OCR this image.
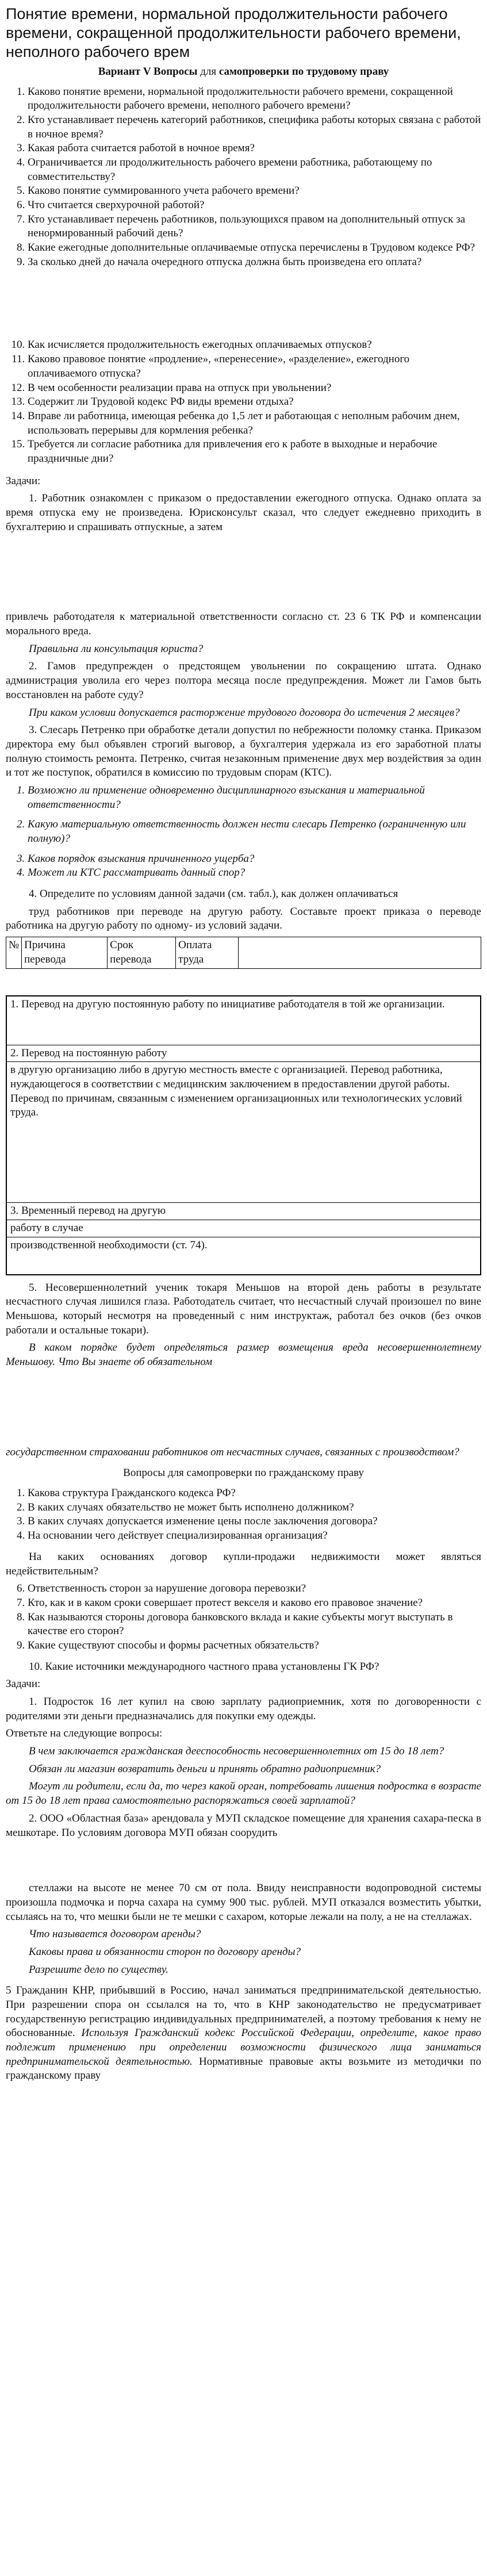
Понятие времени, нормальной продолжительности рабочего времени, сокращенной продолжительности рабочего времени, неполного рабочего врем
Вариант V Вопросы для самопроверки по трудовому праву
1. Каково понятие времени, нормальной продолжительности рабочего времени, сокращенной продолжительности рабочего времени, неполного рабочего времени?
2. Кто устанавливает перечень категорий работников, специфика работы которых связана с работой в ночное время?
3. Какая работа считается работой в ночное время?
4. Ограничивается ли продолжительность рабочего времени работника, работающему по совместительству?
5. Каково понятие суммированного учета рабочего времени?
6. Что считается сверхурочной работой?
7. Кто устанавливает перечень работников, пользующихся правом на дополнительный отпуск за ненормированный рабочий день?
8. Какие ежегодные дополнительные оплачиваемые отпуска перечислены в Трудовом кодексе РФ?
9. За сколько дней до начала очередного отпуска должна быть произведена его оплата?
10. Как исчисляется продолжительность ежегодных оплачиваемых отпусков?
11. Каково правовое понятие «продление», «перенесение», «разделение», ежегодного оплачиваемого отпуска?
12. В чем особенности реализации права на отпуск при увольнении?
13. Содержит ли Трудовой кодекс РФ виды времени отдыха?
14. Вправе ли работница, имеющая ребенка до 1,5 лет и работающая с неполным рабочим днем, использовать перерывы для кормления ребенка?
15. Требуется ли согласие работника для привлечения его к работе в выходные и нерабочие праздничные дни?
Задачи:
1. Работник ознакомлен с приказом о предоставлении ежегодного отпуска. Однако оплата за время отпуска ему не произведена. Юрисконсульт сказал, что следует ежедневно приходить в бухгалтерию и спрашивать отпускные, а затем
привлечь работодателя к материальной ответственности согласно ст. 23 6 ТК РФ и компенсации морального вреда.
Правильна ли консультация юриста?
2. Гамов предупрежден о предстоящем увольнении по сокращению штата. Однако администрация уволила его через полтора месяца после предупреждения. Может ли Гамов быть восстановлен на работе суду?
При каком условии допускается расторжение трудового договора до истечения 2 месяцев?
3. Слесарь Петренко при обработке детали допустил по небрежности поломку станка. Приказом директора ему был объявлен строгий выговор, а бухгалтерия удержала из его заработной платы полную стоимость ремонта. Петренко, считая незаконным применение двух мер воздействия за один и тот же поступок, обратился в комиссию по трудовым спорам (КТС).
1. Возможно ли применение одновременно дисциплинарного взыскания и материальной ответственности?
2. Какую материальную ответственность должен нести слесарь Петренко (ограниченную или полную)?
3. Каков порядок взыскания причиненного ущерба?
4. Может ли КТС рассматривать данный спор?
4. Определите по условиям данной задачи (см. табл.), как должен оплачиваться
труд работников при переводе на другую работу. Составьте проект приказа о переводе работника на другую работу по одному- из условий задачи.
№	Причина перевода	Срок перевода	Оплата труда	
1. Перевод на другую постоянную работу по инициативе работодателя в той же организации.
2. Перевод на постоянную работу
в другую организацию либо в другую местность вместе с организацией. Перевод работника, нуждающегося в соответствии с медицинским заключением в предоставлении другой работы. Перевод по причинам, связанным с изменением организационных или технологических условий труда.
3. Временный перевод на другую
работу в случае
производственной необходимости (ст. 74).
5. Несовершеннолетний ученик токаря Меньшов на второй день работы в результате несчастного случая лишился глаза. Работодатель считает, что несчастный случай произошел по вине Меньшова, который несмотря на проведенный с ним инструктаж, работал без очков (без очков работали и остальные токари).
В каком порядке будет определяться размер возмещения вреда несовершеннолетнему Меньшову. Что Вы знаете об обязательном
государственном страховании работников от несчастных случаев, связанных с производством?
Вопросы для самопроверки по гражданскому праву
1. Какова структура Гражданского кодекса РФ?
2. В каких случаях обязательство не может быть исполнено должником?
3. В каких случаях допускается изменение цены после заключения договора?
4. На основании чего действует специализированная организация?
На каких основаниях договор купли-продажи недвижимости может являться недействительным?
6. Ответственность сторон за нарушение договора перевозки?
7. Кто, как и в каком сроки совершает протест векселя и каково его правовое значение?
8. Как называются стороны договора банковского вклада и какие субъекты могут выступать в качестве его сторон?
9. Какие существуют способы и формы расчетных обязательств?
10. Какие источники международного частного права установлены ГК РФ?
Задачи:
1. Подросток 16 лет купил на свою зарплату радиоприемник, хотя по договоренности с родителями эти деньги предназначались для покупки ему одежды.
Ответьте на следующие вопросы:
В чем заключается гражданская дееспособность несовершеннолетних от 15 до 18 лет?
Обязан ли магазин возвратить деньги и принять обратно радиоприемник?
Могут ли родители, если да, то через какой орган, потребовать лишения подростка в возрасте от 15 до 18 лет права самостоятельно распоряжаться своей зарплатой?
2. ООО «Областная база» арендовала у МУП складское помещение для хранения сахара-песка в мешкотаре. По условиям договора МУП обязан соорудить
стеллажи на высоте не менее 70 см от пола. Ввиду неисправности водопроводной системы произошла подмочка и порча сахара на сумму 900 тыс. рублей. МУП отказался возместить убытки, ссылаясь на то, что мешки были не те мешки с сахаром, которые лежали на полу, а не на стеллажах.
Что называется договором аренды?
Каковы права и обязанности сторон по договору аренды?
Разрешите дело по существу.
5 Гражданин КНР, прибывший в Россию, начал заниматься предпринимательской деятельностью. При разрешении спора он ссылался на то, что в КНР законодательство не предусматривает государственную регистрацию индивидуальных предпринимателей, а поэтому требования к нему не обоснованные. Используя Гражданский кодекс Российской Федерации, определите, какое право подлежит применению при определении возможности физического лица заниматься предпринимательской деятельностью. Нормативные правовые акты возьмите из методички по гражданскому праву
